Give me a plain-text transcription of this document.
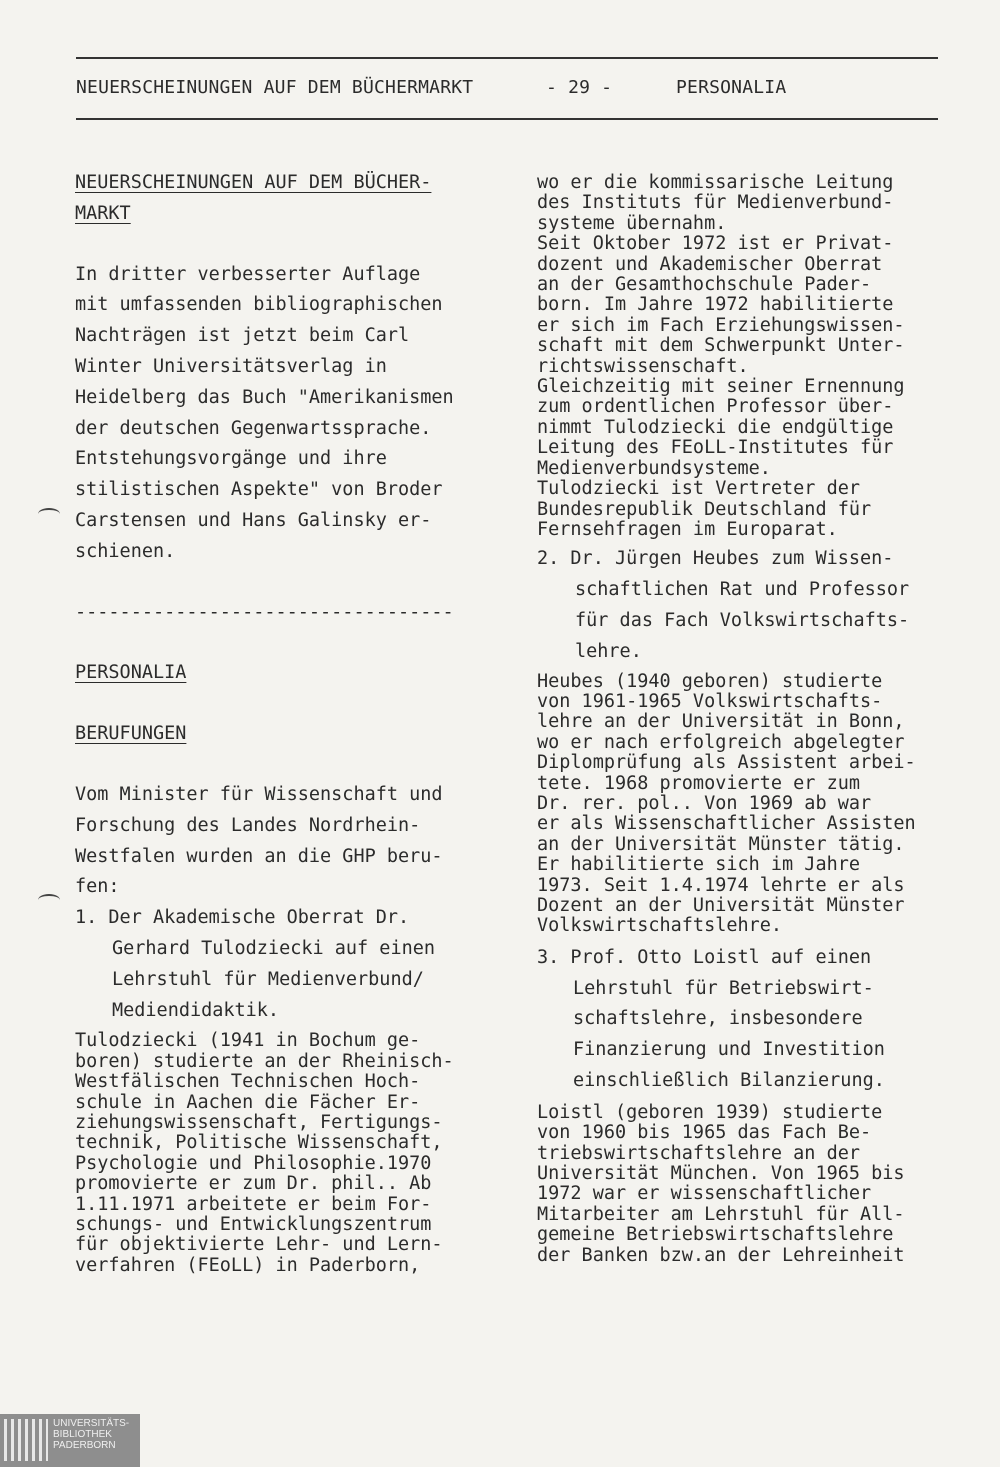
NEUERSCHEINUNGEN AUF DEM BÜCHERMARKT	- 29 -	PERSONALIA
NEUERSCHEINUNGEN AUF DEM BÜCHER-
MARKT
In dritter verbesserter Auflage
mit umfassenden bibliographischen
Nachträgen ist jetzt beim Carl
Winter Universitätsverlag in
Heidelberg das Buch "Amerikanismen
der deutschen Gegenwartssprache.
Entstehungsvorgänge und ihre
stilistischen Aspekte" von Broder
Carstensen und Hans Galinsky er-
schienen.
----------------------------------
PERSONALIA
BERUFUNGEN
Vom Minister für Wissenschaft und
Forschung des Landes Nordrhein-
Westfalen wurden an die GHP beru-
fen:
1. Der Akademische Oberrat Dr.
Gerhard Tulodziecki auf einen
Lehrstuhl für Medienverbund/
Mediendidaktik.
Tulodziecki (1941 in Bochum ge-
boren) studierte an der Rheinisch-
Westfälischen Technischen Hoch-
schule in Aachen die Fächer Er-
ziehungswissenschaft, Fertigungs-
technik, Politische Wissenschaft,
Psychologie und Philosophie.1970
promovierte er zum Dr. phil.. Ab
1.11.1971 arbeitete er beim For-
schungs- und Entwicklungszentrum
für objektivierte Lehr- und Lern-
verfahren (FEoLL) in Paderborn,
wo er die kommissarische Leitung
des Instituts für Medienverbund-
systeme übernahm.
Seit Oktober 1972 ist er Privat-
dozent und Akademischer Oberrat
an der Gesamthochschule Pader-
born. Im Jahre 1972 habilitierte
er sich im Fach Erziehungswissen-
schaft mit dem Schwerpunkt Unter-
richtswissenschaft.
Gleichzeitig mit seiner Ernennung
zum ordentlichen Professor über-
nimmt Tulodziecki die endgültige
Leitung des FEoLL-Institutes für
Medienverbundsysteme.
Tulodziecki ist Vertreter der
Bundesrepublik Deutschland für
Fernsehfragen im Europarat.
2. Dr. Jürgen Heubes zum Wissen-
schaftlichen Rat und Professor
für das Fach Volkswirtschafts-
lehre.
Heubes (1940 geboren) studierte
von 1961-1965 Volkswirtschafts-
lehre an der Universität in Bonn,
wo er nach erfolgreich abgelegter
Diplomprüfung als Assistent arbei-
tete. 1968 promovierte er zum
Dr. rer. pol.. Von 1969 ab war
er als Wissenschaftlicher Assisten
an der Universität Münster tätig.
Er habilitierte sich im Jahre
1973. Seit 1.4.1974 lehrte er als
Dozent an der Universität Münster
Volkswirtschaftslehre.
3. Prof. Otto Loistl auf einen
Lehrstuhl für Betriebswirt-
schaftslehre, insbesondere
Finanzierung und Investition
einschließlich Bilanzierung.
Loistl (geboren 1939) studierte
von 1960 bis 1965 das Fach Be-
triebswirtschaftslehre an der
Universität München. Von 1965 bis
1972 war er wissenschaftlicher
Mitarbeiter am Lehrstuhl für All-
gemeine Betriebswirtschaftslehre
der Banken bzw.an der Lehreinheit
UNIVERSITÄTS-
BIBLIOTHEK
PADERBORN
